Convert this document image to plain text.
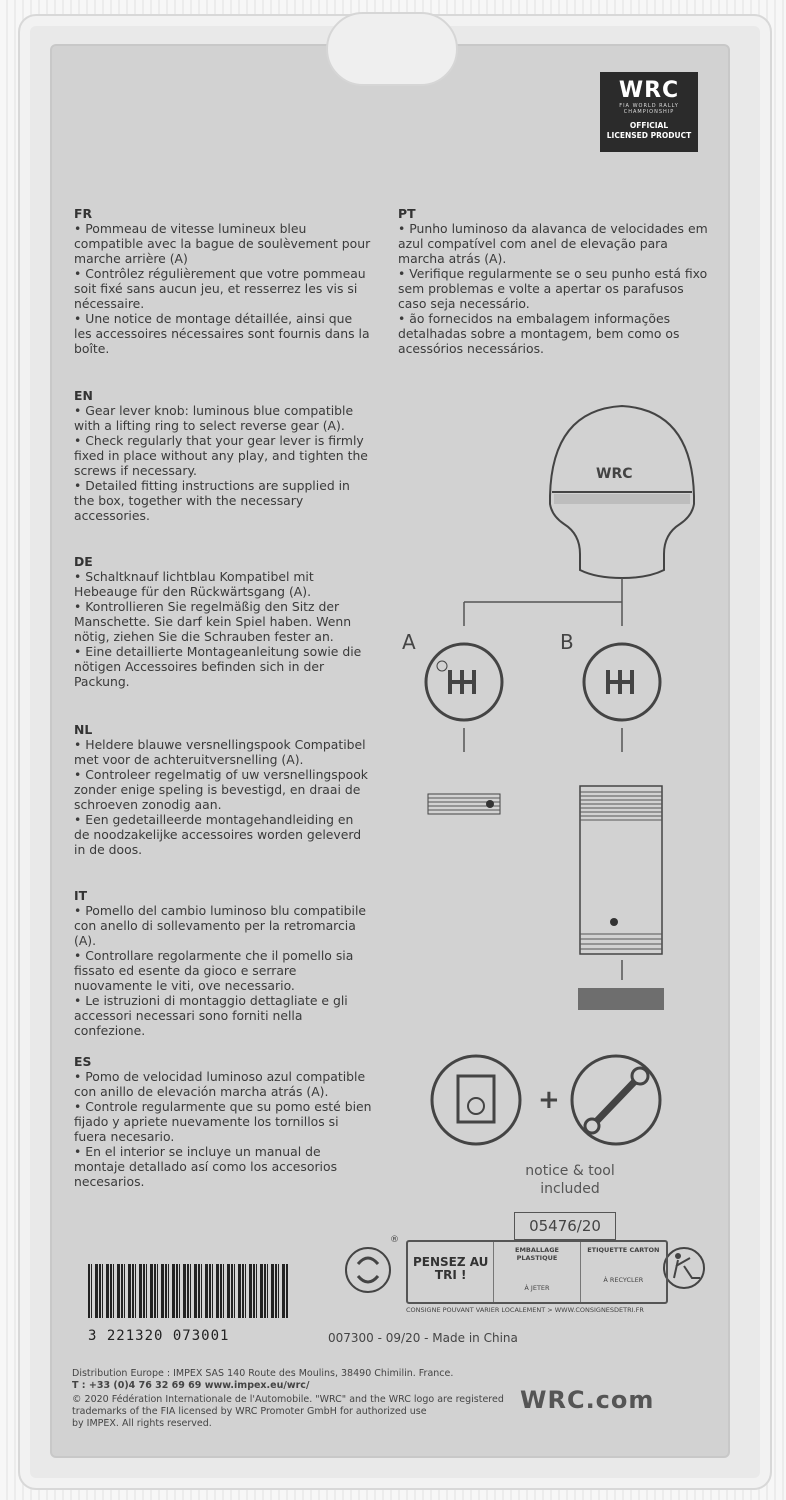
WRC
FIA WORLD RALLY CHAMPIONSHIP
OFFICIAL
LICENSED PRODUCT
FR
• Pommeau de vitesse lumineux bleu compatible avec la bague de soulèvement pour marche arrière (A)
• Contrôlez régulièrement que votre pommeau soit fixé sans aucun jeu, et resserrez les vis si nécessaire.
• Une notice de montage détaillée, ainsi que les accessoires nécessaires sont fournis dans la boîte.
EN
• Gear lever knob: luminous blue compatible with a lifting ring to select reverse gear (A).
• Check regularly that your gear lever is firmly fixed in place without any play, and tighten the screws if necessary.
• Detailed fitting instructions are supplied in the box, together with the necessary accessories.
DE
• Schaltknauf lichtblau Kompatibel mit Hebeauge für den Rückwärtsgang (A).
• Kontrollieren Sie regelmäßig den Sitz der Manschette. Sie darf kein Spiel haben. Wenn nötig, ziehen Sie die Schrauben fester an.
• Eine detaillierte Montageanleitung sowie die nötigen Accessoires befinden sich in der Packung.
NL
• Heldere blauwe versnellingspook Compatibel met voor de achteruitversnelling (A).
• Controleer regelmatig of uw versnellingspook zonder enige speling is bevestigd, en draai de schroeven zonodig aan.
• Een gedetailleerde montagehandleiding en de noodzakelijke accessoires worden geleverd in de doos.
IT
• Pomello del cambio luminoso blu compatibile con anello di sollevamento per la retromarcia (A).
• Controllare regolarmente che il pomello sia fissato ed esente da gioco e serrare nuovamente le viti, ove necessario.
• Le istruzioni di montaggio dettagliate e gli accessori necessari sono forniti nella confezione.
ES
• Pomo de velocidad luminoso azul compatible con anillo de elevación marcha atrás (A).
• Controle regularmente que su pomo esté bien fijado y apriete nuevamente los tornillos si fuera necesario.
• En el interior se incluye un manual de montaje detallado así como los accesorios necesarios.
PT
• Punho luminoso da alavanca de velocidades em azul compatível com anel de elevação para marcha atrás (A).
• Verifique regularmente se o seu punho está fixo sem problemas e volte a apertar os parafusos caso seja necessário.
• ão fornecidos na embalagem informações detalhadas sobre a montagem, bem como os acessórios necessários.
WRC
+
®
A	B
notice & tool
included
05476/20
PENSEZ AU TRI !
EMBALLAGE PLASTIQUE
À JETER
ETIQUETTE CARTON
À RECYCLER
CONSIGNE POUVANT VARIER LOCALEMENT > WWW.CONSIGNESDETRI.FR
3 221320 073001	007300 - 09/20 - Made in China
Distribution Europe : IMPEX SAS 140 Route des Moulins, 38490 Chimilin. France.
T : +33 (0)4 76 32 69 69 www.impex.eu/wrc/
© 2020 Fédération Internationale de l'Automobile. "WRC" and the WRC logo are registered
trademarks of the FIA licensed by WRC Promoter GmbH for authorized use
by IMPEX. All rights reserved.
WRC.com
